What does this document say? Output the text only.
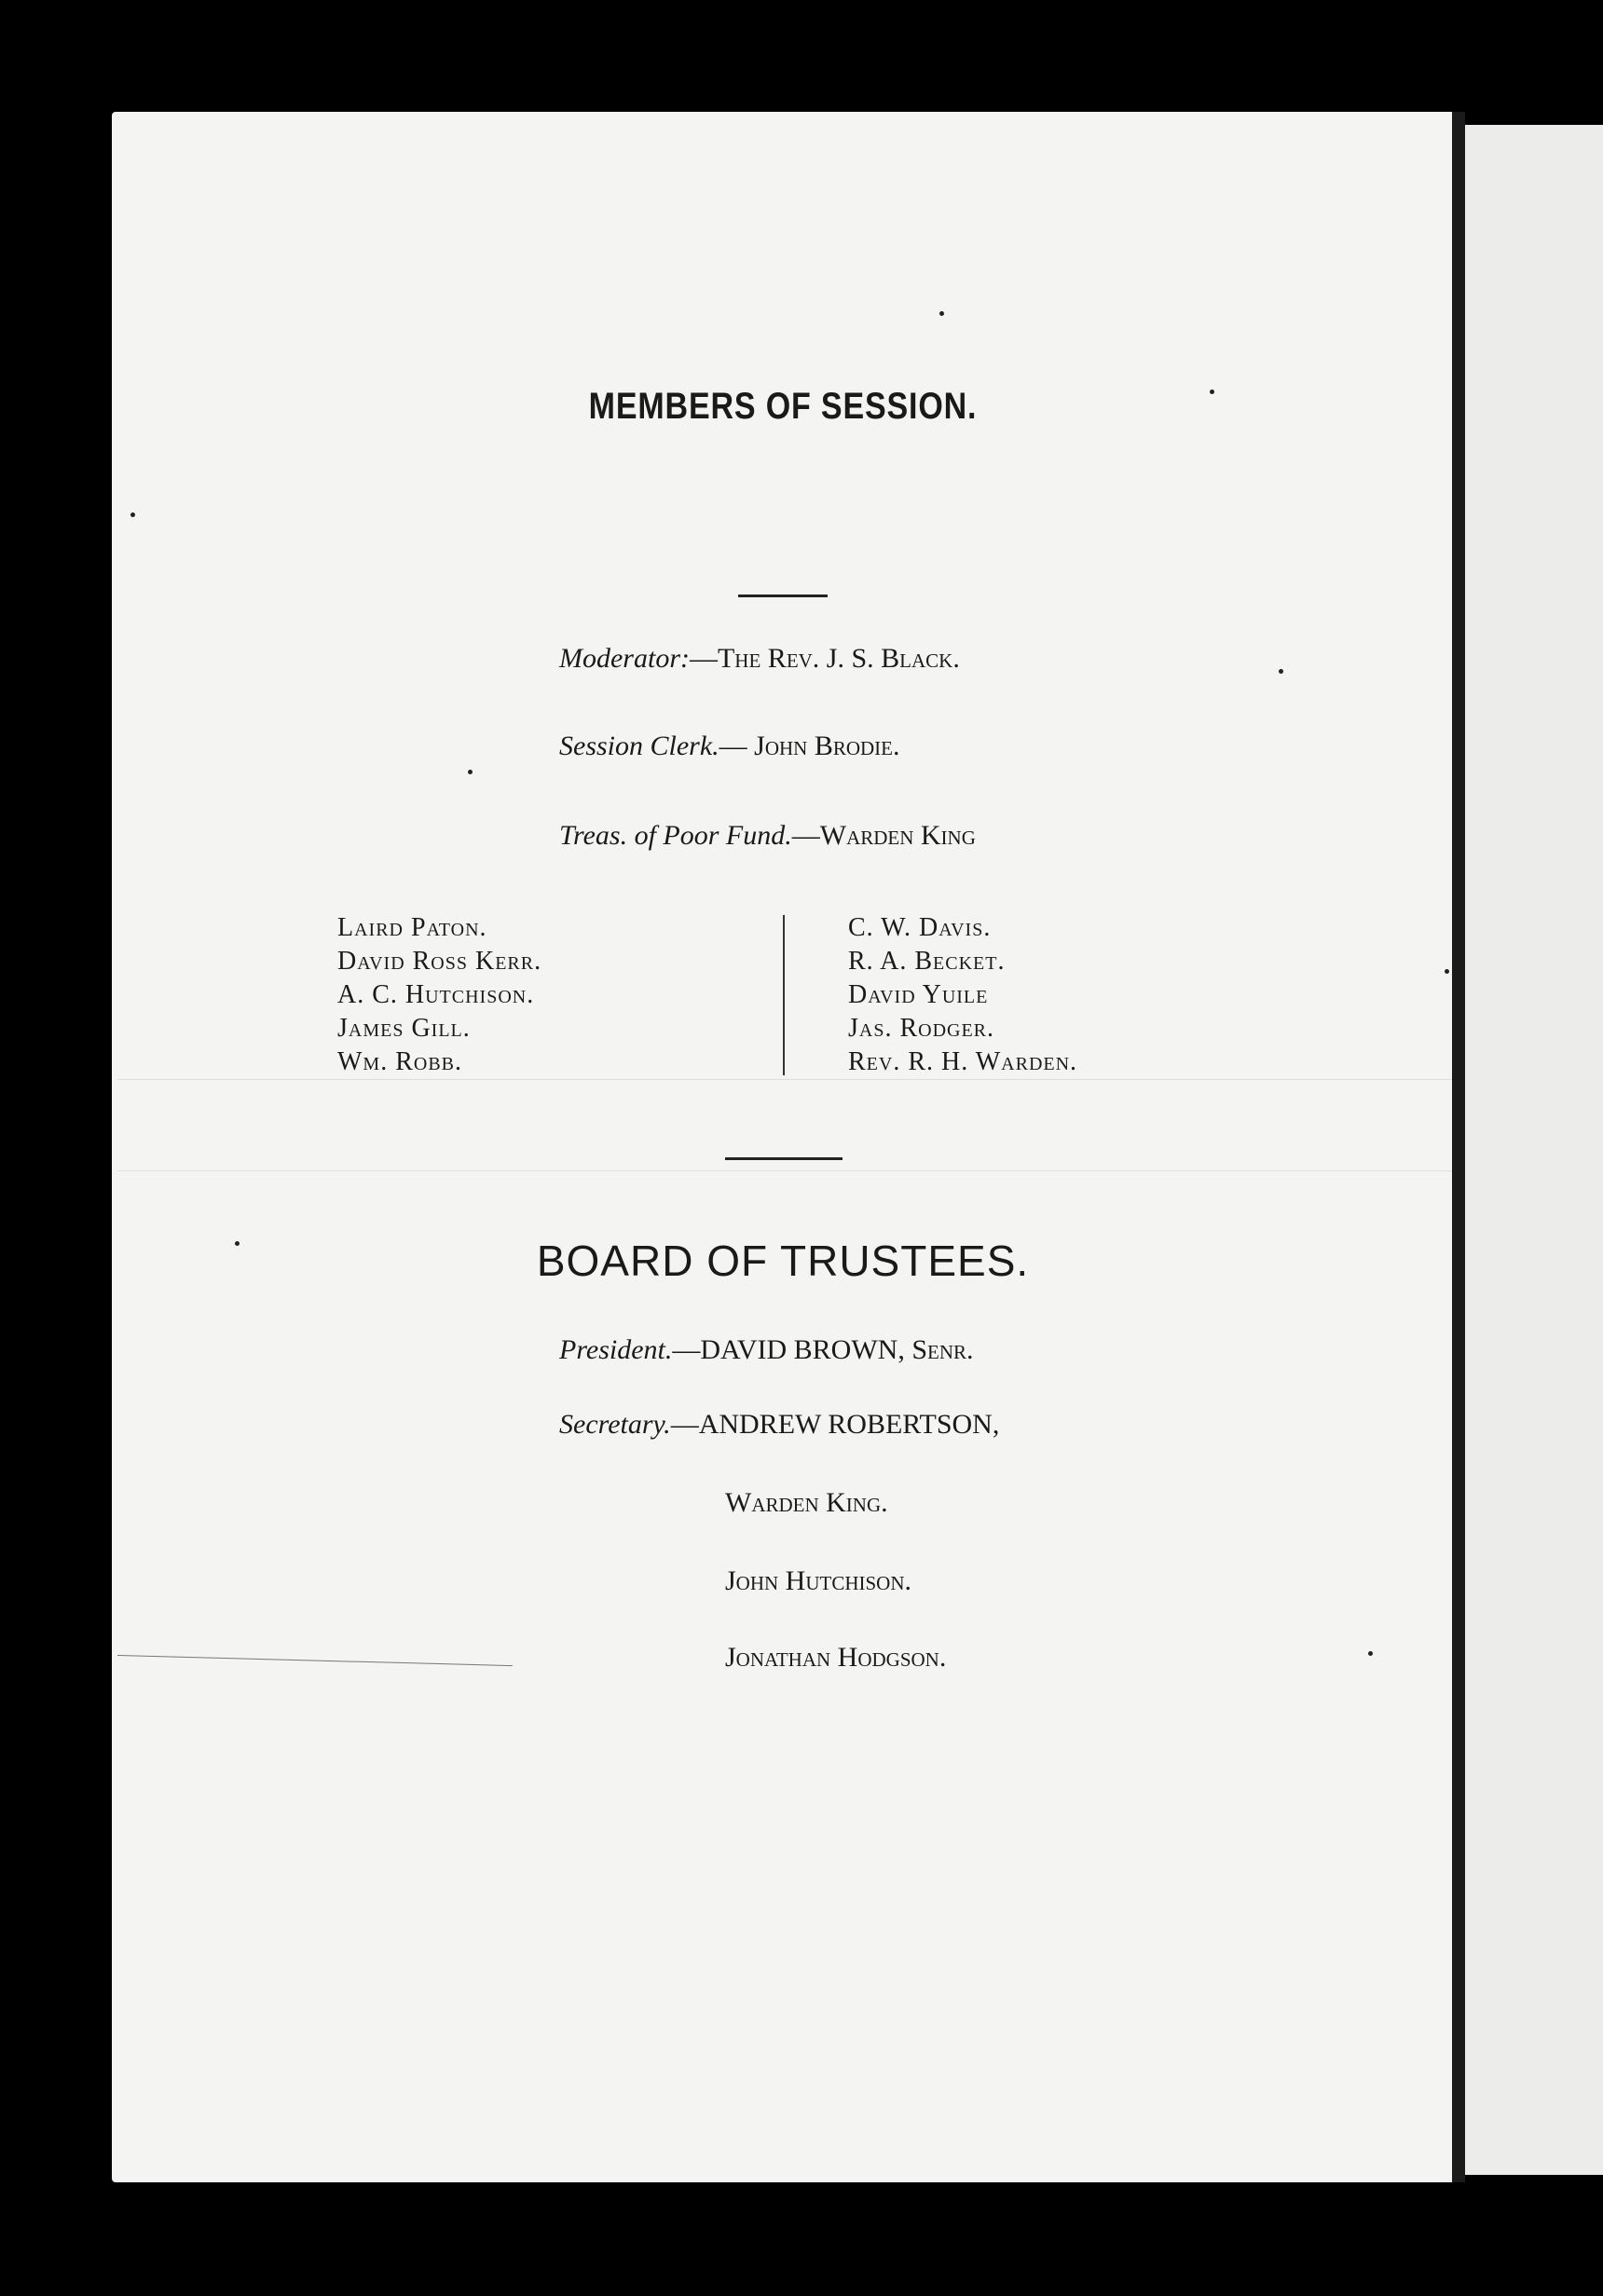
MEMBERS OF SESSION.
Moderator:—The Rev. J. S. Black.
Session Clerk.— John Brodie.
Treas. of Poor Fund.—Warden King
Laird Paton.
David Ross Kerr.
A. C. Hutchison.
James Gill.
Wm. Robb.
C. W. Davis.
R. A. Becket.
David Yuile
Jas. Rodger.
Rev. R. H. Warden.
BOARD OF TRUSTEES.
President.—DAVID BROWN, Senr.
Secretary.—ANDREW ROBERTSON,
Warden King.
John Hutchison.
Jonathan Hodgson.
